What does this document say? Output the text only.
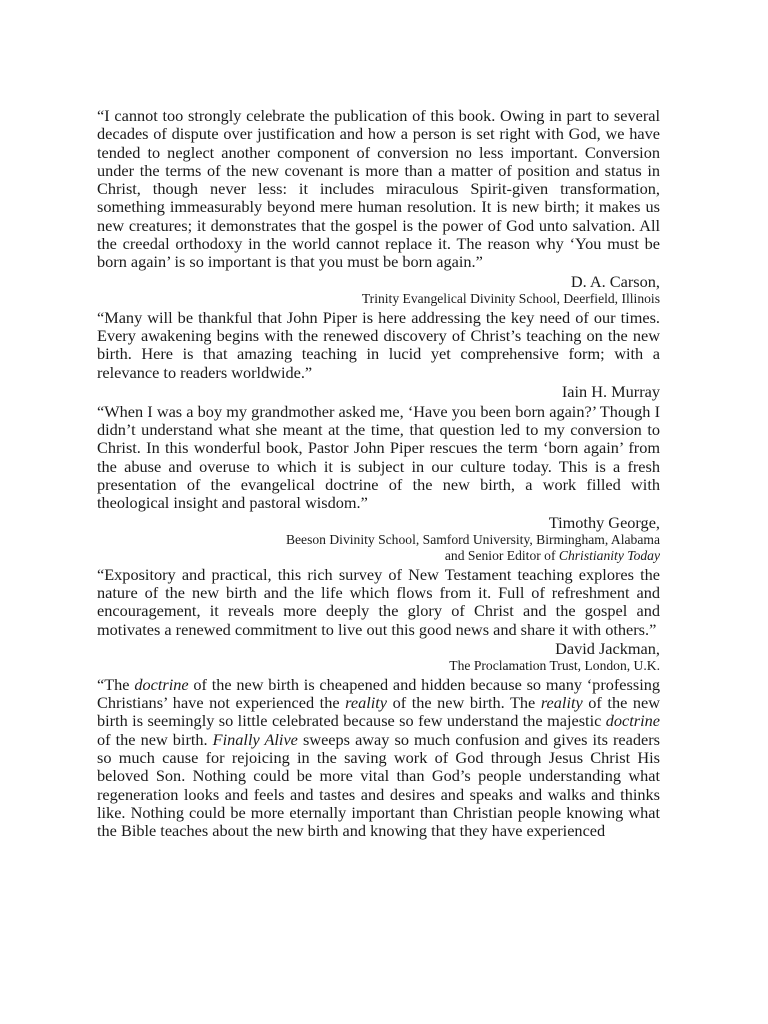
“I cannot too strongly celebrate the publication of this book. Owing in part to several decades of dispute over justification and how a person is set right with God, we have tended to neglect another component of conversion no less important. Conversion under the terms of the new covenant is more than a matter of position and status in Christ, though never less: it includes miraculous Spirit-given transformation, something immeasurably beyond mere human resolution. It is new birth; it makes us new creatures; it demonstrates that the gospel is the power of God unto salvation. All the creedal orthodoxy in the world cannot replace it. The reason why ‘You must be born again’ is so important is that you must be born again.”

D. A. Carson,
Trinity Evangelical Divinity School, Deerfield, Illinois

“Many will be thankful that John Piper is here addressing the key need of our times. Every awakening begins with the renewed discovery of Christ’s teaching on the new birth. Here is that amazing teaching in lucid yet comprehensive form; with a relevance to readers worldwide.”

Iain H. Murray

“When I was a boy my grandmother asked me, ‘Have you been born again?’ Though I didn’t understand what she meant at the time, that question led to my conversion to Christ. In this wonderful book, Pastor John Piper rescues the term ‘born again’ from the abuse and overuse to which it is subject in our culture today. This is a fresh presentation of the evangelical doctrine of the new birth, a work filled with theological insight and pastoral wisdom.”

Timothy George,
Beeson Divinity School, Samford University, Birmingham, Alabama
and Senior Editor of Christianity Today

“Expository and practical, this rich survey of New Testament teaching explores the nature of the new birth and the life which flows from it. Full of refreshment and encouragement, it reveals more deeply the glory of Christ and the gospel and motivates a renewed commitment to live out this good news and share it with others.”

David Jackman,
The Proclamation Trust, London, U.K.

“The doctrine of the new birth is cheapened and hidden because so many ‘professing Christians’ have not experienced the reality of the new birth. The reality of the new birth is seemingly so little celebrated because so few understand the majestic doctrine of the new birth. Finally Alive sweeps away so much confusion and gives its readers so much cause for rejoicing in the saving work of God through Jesus Christ His beloved Son. Nothing could be more vital than God’s people understanding what regeneration looks and feels and tastes and desires and speaks and walks and thinks like. Nothing could be more eternally important than Christian people knowing what the Bible teaches about the new birth and knowing that they have experienced
